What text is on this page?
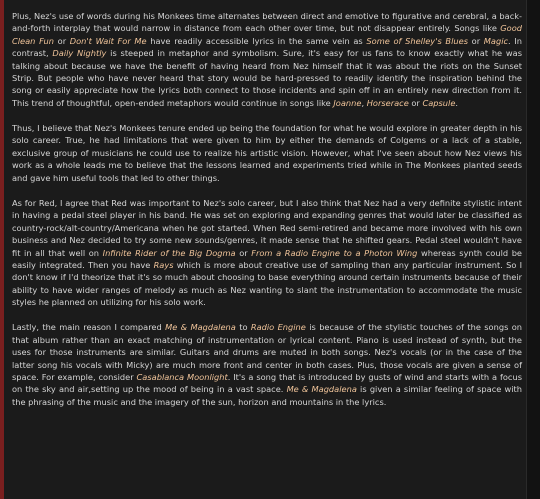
Plus, Nez's use of words during his Monkees time alternates between direct and emotive to figurative and cerebral, a back-and-forth interplay that would narrow in distance from each other over time, but not disappear entirely. Songs like Good Clean Fun or Don't Wait For Me have readily accessible lyrics in the same vein as Some of Shelley's Blues or Magic. In contrast, Daily Nightly is steeped in metaphor and symbolism. Sure, it's easy for us fans to know exactly what he was talking about because we have the benefit of having heard from Nez himself that it was about the riots on the Sunset Strip. But people who have never heard that story would be hard-pressed to readily identify the inspiration behind the song or easily appreciate how the lyrics both connect to those incidents and spin off in an entirely new direction from it. This trend of thoughtful, open-ended metaphors would continue in songs like Joanne, Horserace or Capsule.

Thus, I believe that Nez's Monkees tenure ended up being the foundation for what he would explore in greater depth in his solo career. True, he had limitations that were given to him by either the demands of Colgems or a lack of a stable, exclusive group of musicians he could use to realize his artistic vision. However, what I've seen about how Nez views his work as a whole leads me to believe that the lessons learned and experiments tried while in The Monkees planted seeds and gave him useful tools that led to other things.

As for Red, I agree that Red was important to Nez's solo career, but I also think that Nez had a very definite stylistic intent in having a pedal steel player in his band. He was set on exploring and expanding genres that would later be classified as country-rock/alt-country/Americana when he got started. When Red semi-retired and became more involved with his own business and Nez decided to try some new sounds/genres, it made sense that he shifted gears. Pedal steel wouldn't have fit in all that well on Infinite Rider of the Big Dogma or From a Radio Engine to a Photon Wing whereas synth could be easily integrated. Then you have Rays which is more about creative use of sampling than any particular instrument. So I don't know if I'd theorize that it's so much about choosing to base everything around certain instruments because of their ability to have wider ranges of melody as much as Nez wanting to slant the instrumentation to accommodate the music styles he planned on utilizing for his solo work.

Lastly, the main reason I compared Me & Magdalena to Radio Engine is because of the stylistic touches of the songs on that album rather than an exact matching of instrumentation or lyrical content. Piano is used instead of synth, but the uses for those instruments are similar. Guitars and drums are muted in both songs. Nez's vocals (or in the case of the latter song his vocals with Micky) are much more front and center in both cases. Plus, those vocals are given a sense of space. For example, consider Casablanca Moonlight. It's a song that is introduced by gusts of wind and starts with a focus on the sky and air,setting up the mood of being in a vast space. Me & Magdalena is given a similar feeling of space with the phrasing of the music and the imagery of the sun, horizon and mountains in the lyrics.
